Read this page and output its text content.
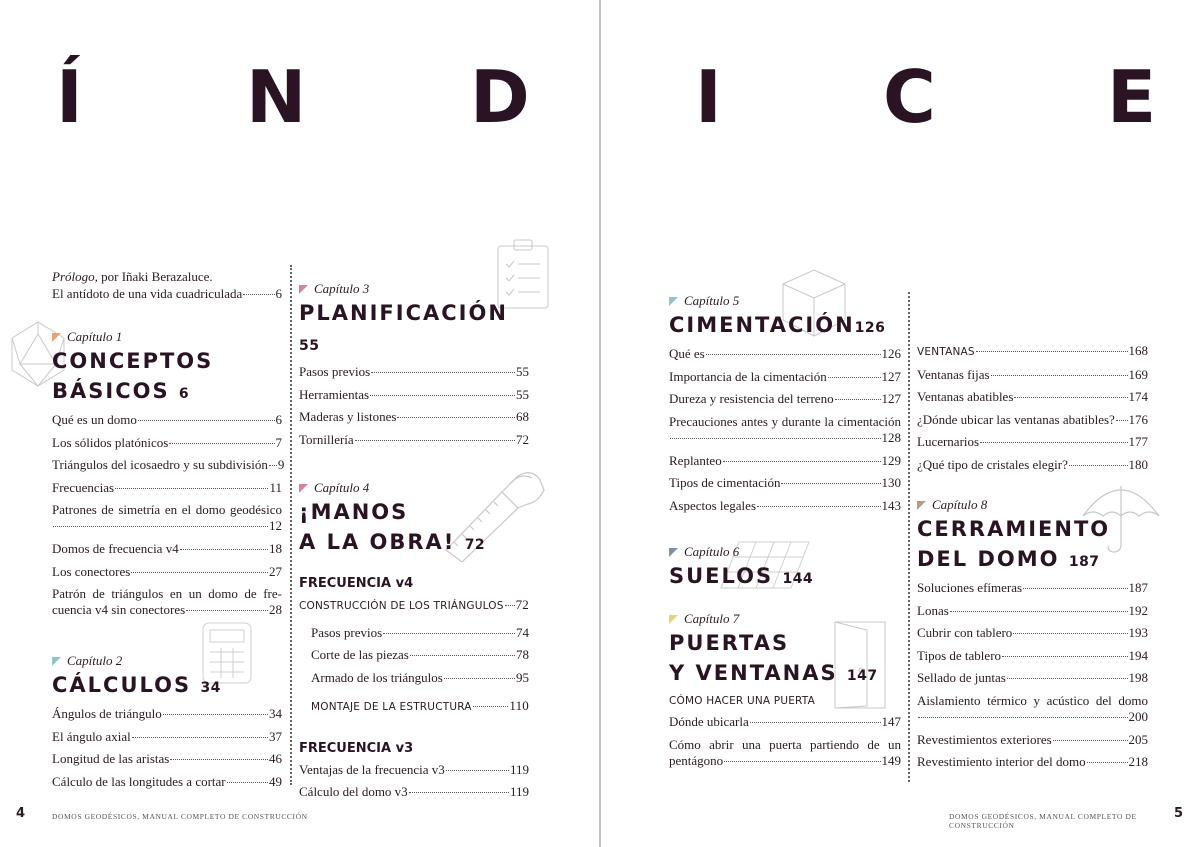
Í N D
Prólogo, por Iñaki Berazaluce.
El antídoto de una vida cuadriculada	6
Capítulo 1
CONCEPTOS
BÁSICOS 6
Qué es un domo	6
Los sólidos platónicos	7
Triángulos del icosaedro y su subdivisión 9
Frecuencias	11
Patrones de simetría en el domo geodésico
12
Domos de frecuencia v4	18
Los conectores	27
Patrón de triángulos en un domo de fre-
cuencia v4 sin conectores	28
Capítulo 2
CÁLCULOS 34
Ángulos de triángulo	34
El ángulo axial	37
Longitud de las aristas	46
Cálculo de las longitudes a cortar	49
Capítulo 3
PLANIFICACIÓN 55
Pasos previos	55
Herramientas	55
Maderas y listones	68
Tornillería	72
Capítulo 4
¡MANOS
A LA OBRA! 72
FRECUENCIA v4
CONSTRUCCIÓN DE LOS TRIÁNGULOS 72
Pasos previos	74
Corte de las piezas	78
Armado de los triángulos	95
MONTAJE DE LA ESTRUCTURA	110
FRECUENCIA v3
Ventajas de la frecuencia v3	119
Cálculo del domo v3	119
4	DOMOS GEODÉSICOS, MANUAL COMPLETO DE CONSTRUCCIÓN
I C E
Capítulo 5
CIMENTACIÓN126
Qué es	126
Importancia de la cimentación	127
Dureza y resistencia del terreno	127
Precauciones antes y durante la cimentación
128
Replanteo	129
Tipos de cimentación	130
Aspectos legales	143
Capítulo 6
SUELOS 144
Capítulo 7
PUERTAS
Y VENTANAS 147
CÓMO HACER UNA PUERTA
Dónde ubicarla	147
Cómo abrir una puerta partiendo de un
pentágono	149
VENTANAS	168
Ventanas fijas	169
Ventanas abatibles	174
¿Dónde ubicar las ventanas abatibles? 176
Lucernarios	177
¿Qué tipo de cristales elegir?	180
Capítulo 8
CERRAMIENTO
DEL DOMO 187
Soluciones efímeras	187
Lonas	192
Cubrir con tablero	193
Tipos de tablero	194
Sellado de juntas	198
Aislamiento térmico y acústico del domo
200
Revestimientos exteriores	205
Revestimiento interior del domo	218
DOMOS GEODÉSICOS, MANUAL COMPLETO DE CONSTRUCCIÓN
5
